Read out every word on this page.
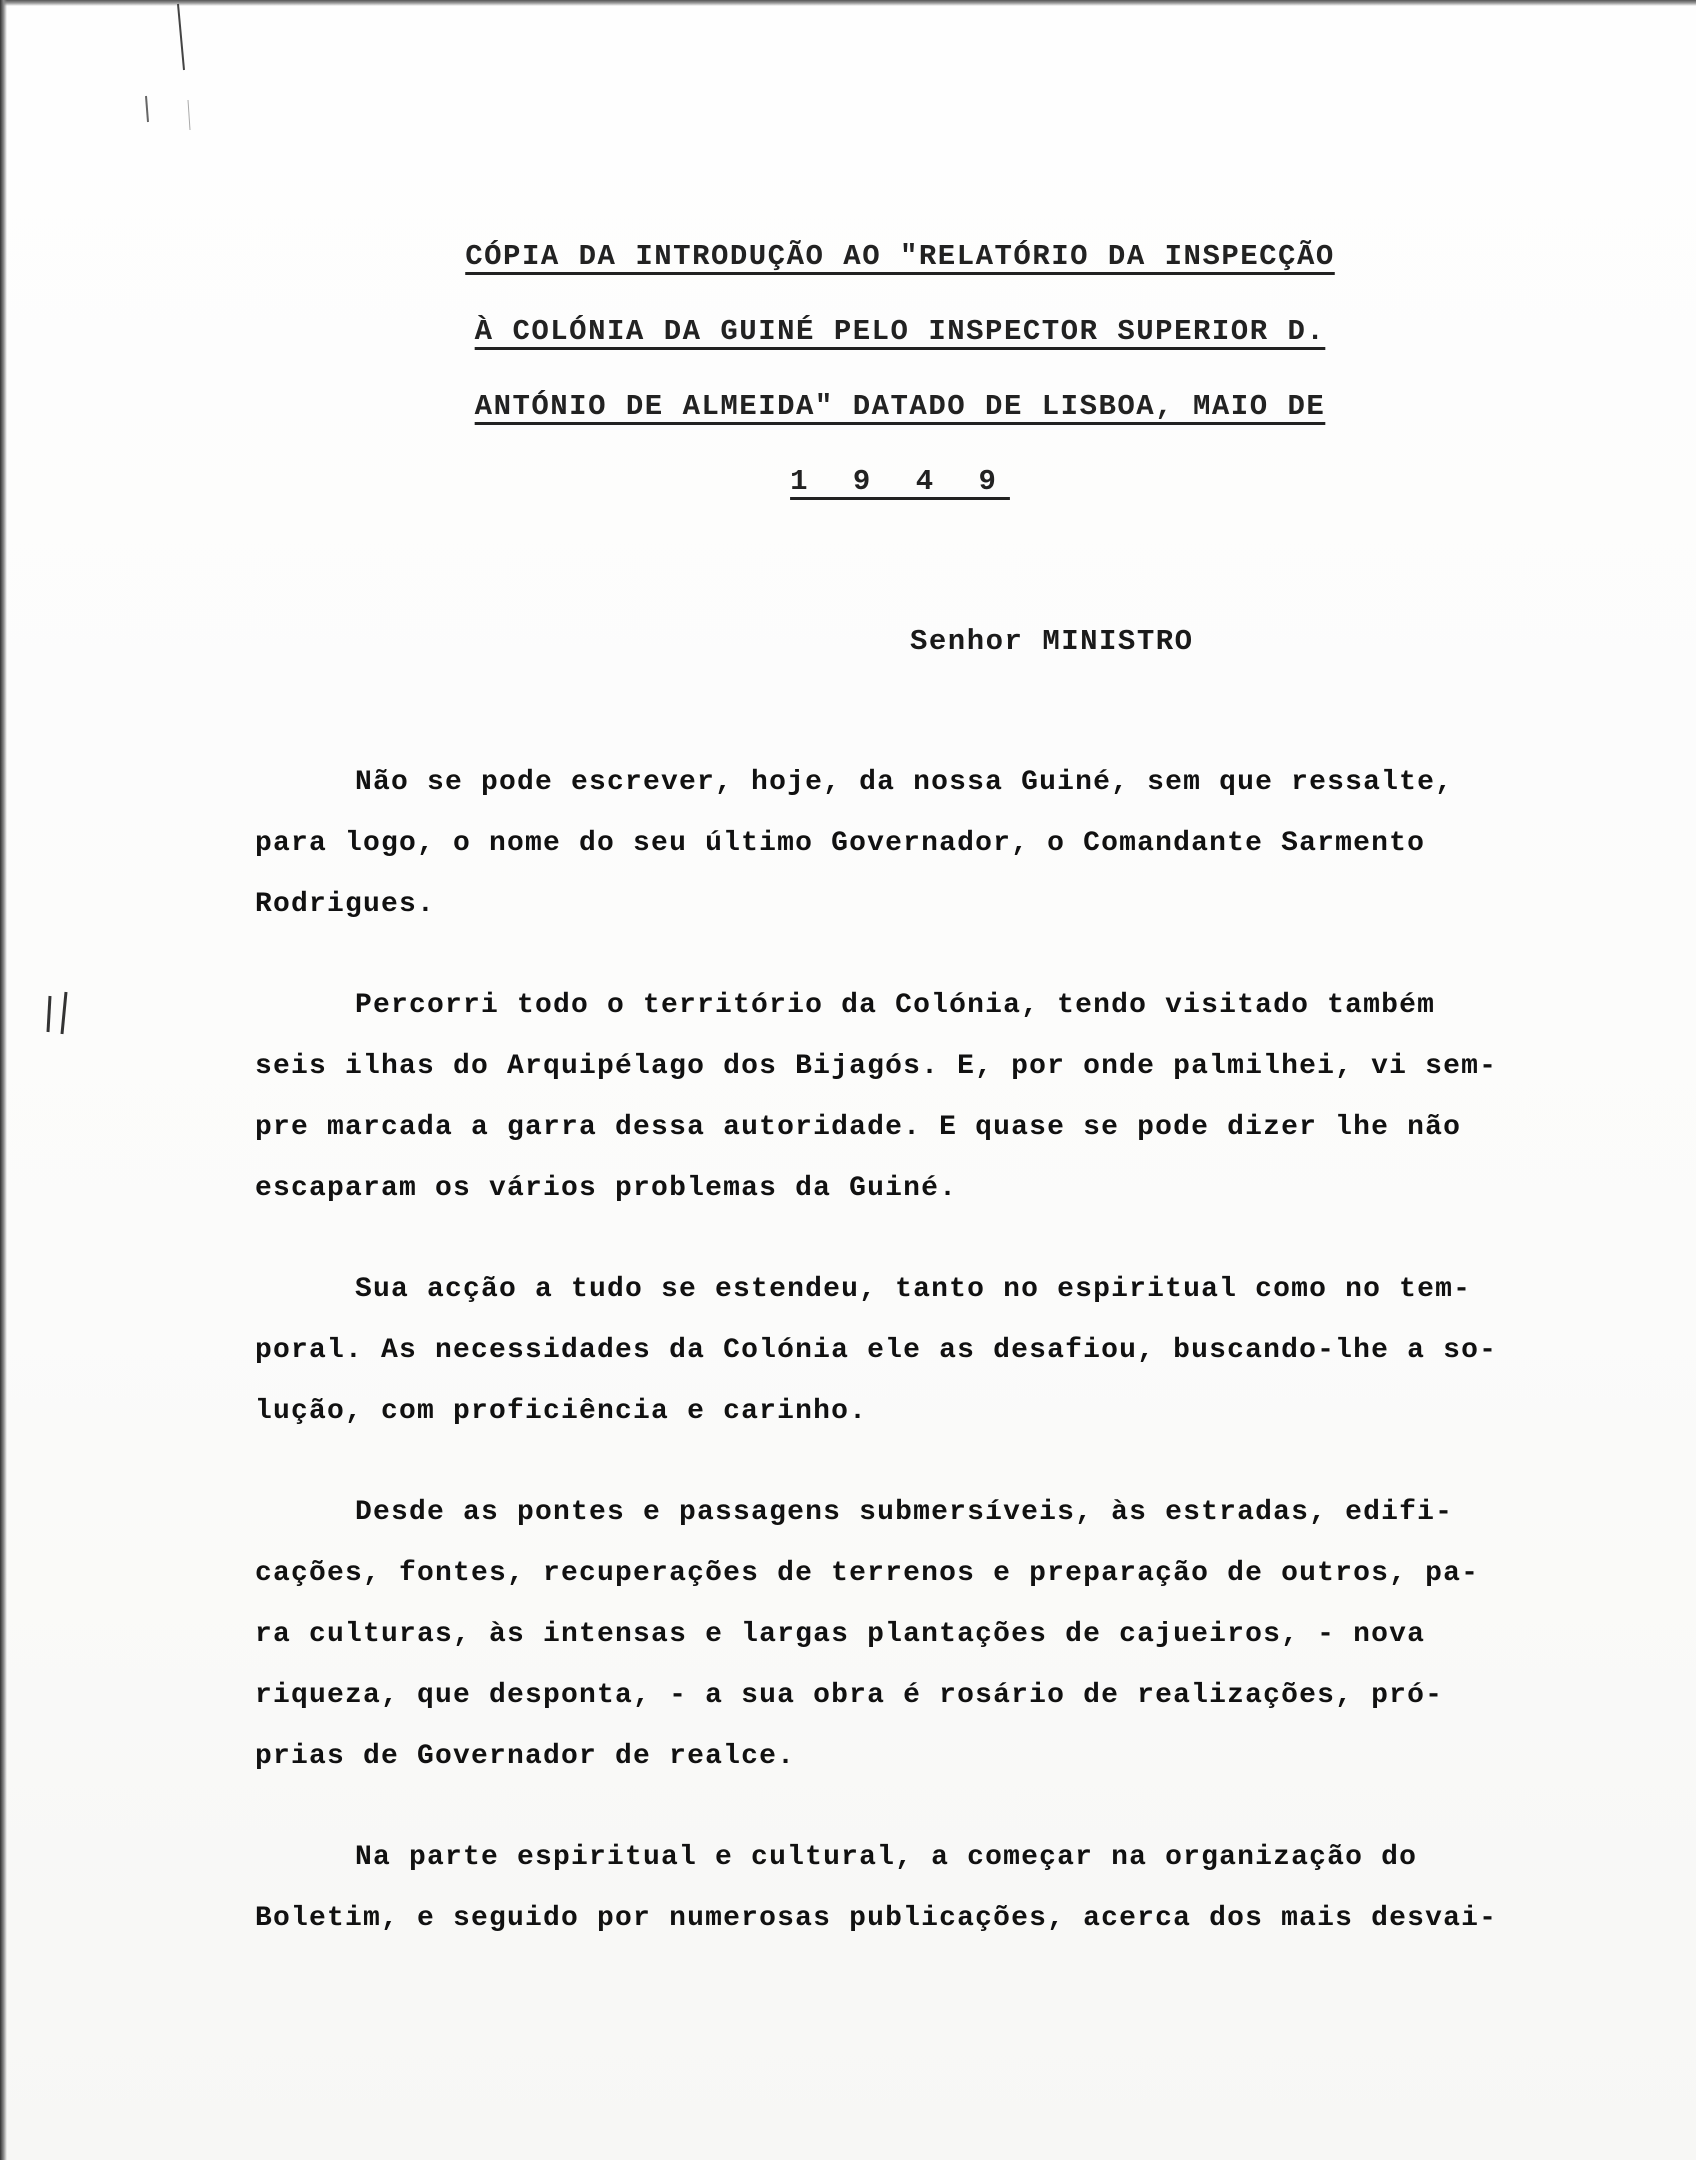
CÓPIA DA INTRODUÇÃO AO "RELATÓRIO DA INSPECÇÃO
À COLÓNIA DA GUINÉ PELO INSPECTOR SUPERIOR D.
ANTÓNIO DE ALMEIDA" DATADO DE LISBOA, MAIO DE
1 9 4 9
Senhor MINISTRO

Não se pode escrever, hoje, da nossa Guiné, sem que ressalte,
para logo, o nome do seu último Governador, o Comandante Sarmento
Rodrigues.

Percorri todo o território da Colónia, tendo visitado também
seis ilhas do Arquipélago dos Bijagós. E, por onde palmilhei, vi sem-
pre marcada a garra dessa autoridade. E quase se pode dizer lhe não
escaparam os vários problemas da Guiné.

Sua acção a tudo se estendeu, tanto no espiritual como no tem-
poral. As necessidades da Colónia ele as desafiou, buscando-lhe a so-
lução, com proficiência e carinho.

Desde as pontes e passagens submersíveis, às estradas, edifi-
cações, fontes, recuperações de terrenos e preparação de outros, pa-
ra culturas, às intensas e largas plantações de cajueiros, - nova
riqueza, que desponta, - a sua obra é rosário de realizações, pró-
prias de Governador de realce.

Na parte espiritual e cultural, a começar na organização do
Boletim, e seguido por numerosas publicações, acerca dos mais desvai-
